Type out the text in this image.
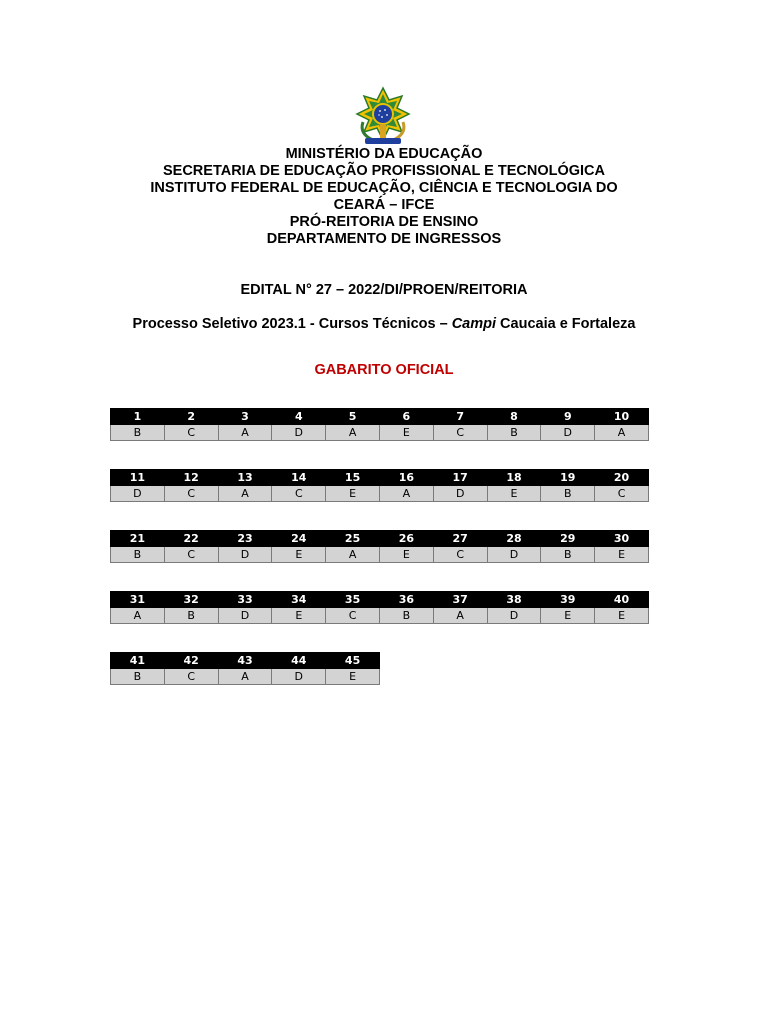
MINISTÉRIO DA EDUCAÇÃO
SECRETARIA DE EDUCAÇÃO PROFISSIONAL E TECNOLÓGICA
INSTITUTO FEDERAL DE EDUCAÇÃO, CIÊNCIA E TECNOLOGIA DO
CEARÁ – IFCE
PRÓ-REITORIA DE ENSINO
DEPARTAMENTO DE INGRESSOS
EDITAL N° 27 – 2022/DI/PROEN/REITORIA
Processo Seletivo 2023.1 - Cursos Técnicos – Campi Caucaia e Fortaleza
GABARITO OFICIAL
1	2	3	4	5	6	7	8	9	10
B	C	A	D	A	E	C	B	D	A
11	12	13	14	15	16	17	18	19	20
D	C	A	C	E	A	D	E	B	C
21	22	23	24	25	26	27	28	29	30
B	C	D	E	A	E	C	D	B	E
31	32	33	34	35	36	37	38	39	40
A	B	D	E	C	B	A	D	E	E
41	42	43	44	45
B	C	A	D	E
